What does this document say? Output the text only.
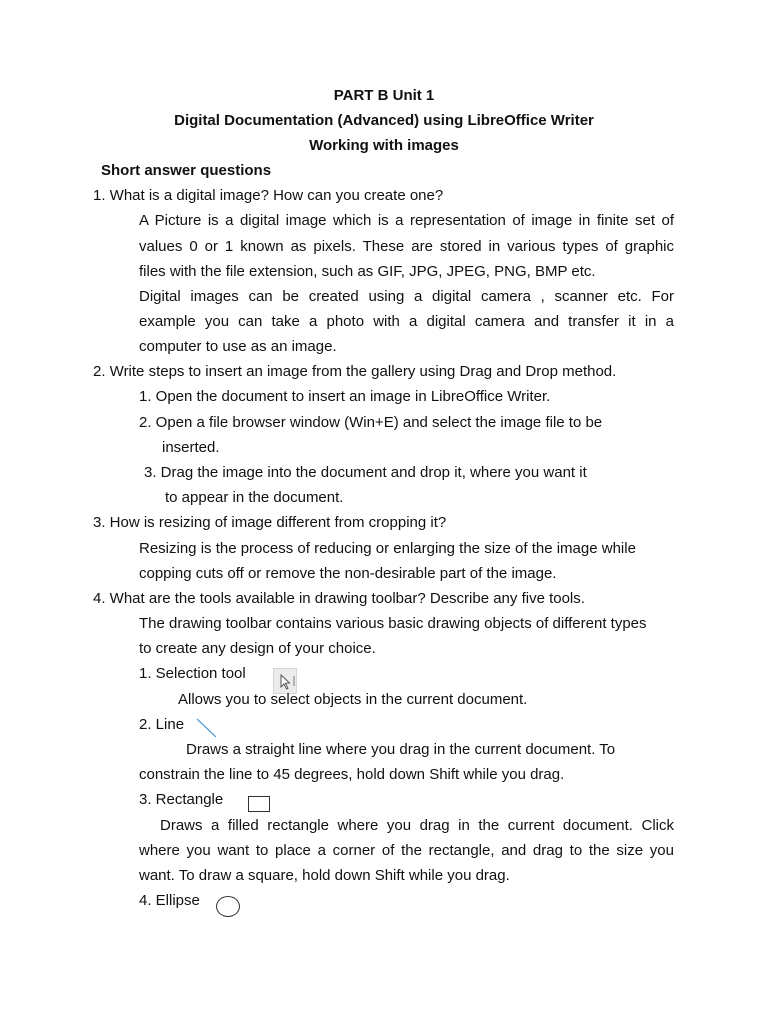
PART B Unit 1
Digital Documentation (Advanced) using LibreOffice Writer
Working with images
Short answer questions
1. What is a digital image? How can you create one?
A Picture is a digital image which is a representation of image in finite set of
values 0 or 1 known as pixels. These are stored in various types of graphic
files with the file extension, such as GIF, JPG, JPEG, PNG, BMP etc.
Digital images can be created using a digital camera , scanner etc. For
example you can take a photo with a digital camera and transfer it in a
computer to use as an image.
2. Write steps to insert an image from the gallery using Drag and Drop method.
1. Open the document to insert an image in LibreOffice Writer.
2. Open a file browser window (Win+E) and select the image file to be
inserted.
3. Drag the image into the document and drop it, where you want it
to appear in the document.
3. How is resizing of image different from cropping it?
Resizing is the process of reducing or enlarging the size of the image while
copping cuts off or remove the non-desirable part of the image.
4. What are the tools available in drawing toolbar? Describe any five tools.
The drawing toolbar contains various basic drawing objects of different types
to create any design of your choice.
1. Selection tool
Allows you to select objects in the current document.
2. Line
Draws a straight line where you drag in the current document. To
constrain the line to 45 degrees, hold down Shift while you drag.
3. Rectangle
Draws a filled rectangle where you drag in the current document. Click
where you want to place a corner of the rectangle, and drag to the size you
want. To draw a square, hold down Shift while you drag.
4. Ellipse
